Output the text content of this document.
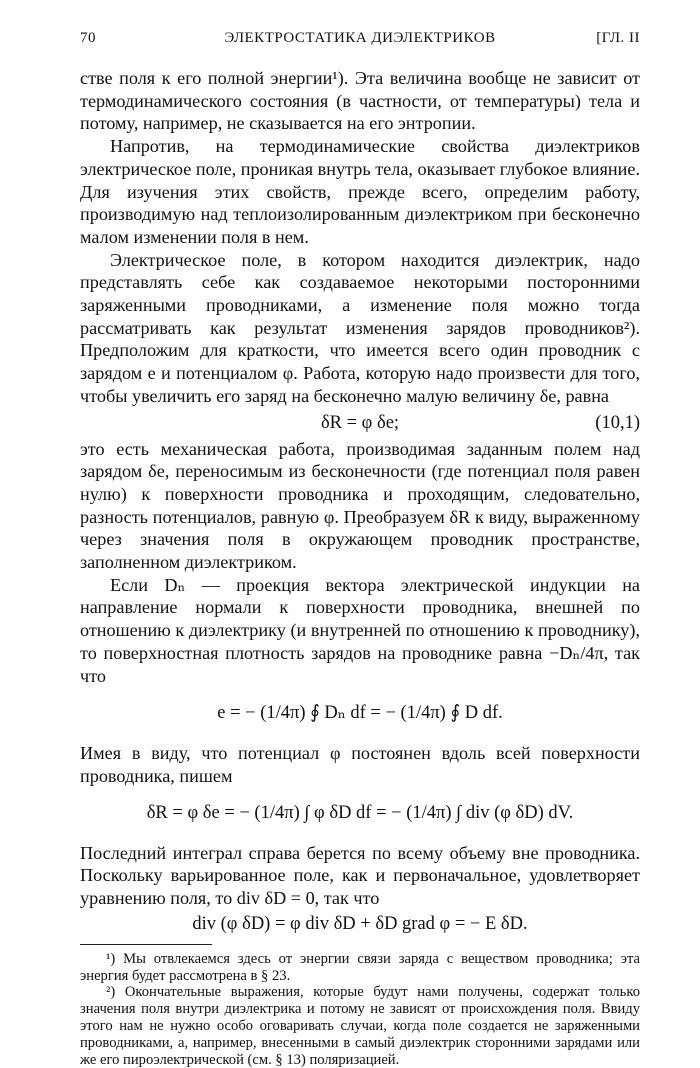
70	ЭЛЕКТРОСТАТИКА ДИЭЛЕКТРИКОВ	[ГЛ. II

стве поля к его полной энергии¹). Эта величина вообще не зависит от термодинамического состояния (в частности, от температуры) тела и потому, например, не сказывается на его энтропии.

Напротив, на термодинамические свойства диэлектриков электрическое поле, проникая внутрь тела, оказывает глубокое влияние. Для изучения этих свойств, прежде всего, определим работу, производимую над теплоизолированным диэлектриком при бесконечно малом изменении поля в нем.

Электрическое поле, в котором находится диэлектрик, надо представлять себе как создаваемое некоторыми посторонними заряженными проводниками, а изменение поля можно тогда рассматривать как результат изменения зарядов проводников²). Предположим для краткости, что имеется всего один проводник с зарядом e и потенциалом φ. Работа, которую надо произвести для того, чтобы увеличить его заряд на бесконечно малую величину δe, равна

δR = φ δe;	(10,1)

это есть механическая работа, производимая заданным полем над зарядом δe, переносимым из бесконечности (где потенциал поля равен нулю) к поверхности проводника и проходящим, следовательно, разность потенциалов, равную φ. Преобразуем δR к виду, выраженному через значения поля в окружающем проводник пространстве, заполненном диэлектриком.

Если Dₙ — проекция вектора электрической индукции на направление нормали к поверхности проводника, внешней по отношению к диэлектрику (и внутренней по отношению к проводнику), то поверхностная плотность зарядов на проводнике равна −Dₙ/4π, так что

e = − (1/4π) ∮ Dₙ df = − (1/4π) ∮ D df.

Имея в виду, что потенциал φ постоянен вдоль всей поверхности проводника, пишем

δR = φ δe = − (1/4π) ∫ φ δD df = − (1/4π) ∫ div (φ δD) dV.

Последний интеграл справа берется по всему объему вне проводника. Поскольку варьированное поле, как и первоначальное, удовлетворяет уравнению поля, то div δD = 0, так что

div (φ δD) = φ div δD + δD grad φ = − E δD.

¹) Мы отвлекаемся здесь от энергии связи заряда с веществом проводника; эта энергия будет рассмотрена в § 23.

²) Окончательные выражения, которые будут нами получены, содержат только значения поля внутри диэлектрика и потому не зависят от происхождения поля. Ввиду этого нам не нужно особо оговаривать случаи, когда поле создается не заряженными проводниками, а, например, внесенными в самый диэлектрик сторонними зарядами или же его пироэлектрической (см. § 13) поляризацией.
